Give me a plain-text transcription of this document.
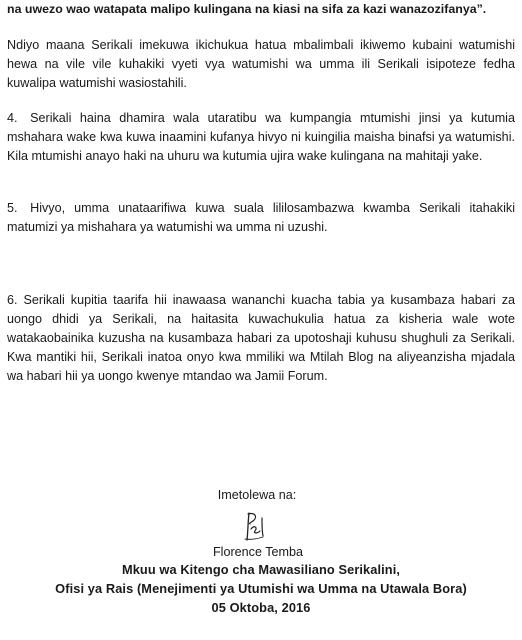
na uwezo wao watapata malipo kulingana na kiasi na sifa za kazi wanazozifanya”.

Ndiyo maana Serikali imekuwa ikichukua hatua mbalimbali ikiwemo kubaini watumishi hewa na vile vile kuhakiki vyeti vya watumishi wa umma ili Serikali isipoteze fedha kuwalipa watumishi wasiostahili.

4. Serikali haina dhamira wala utaratibu wa kumpangia mtumishi jinsi ya kutumia mshahara wake kwa kuwa inaamini kufanya hivyo ni kuingilia maisha binafsi ya watumishi. Kila mtumishi anayo haki na uhuru wa kutumia ujira wake kulingana na mahitaji yake.

5. Hivyo, umma unataarifiwa kuwa suala lililosambazwa kwamba Serikali itahakiki matumizi ya mishahara ya watumishi wa umma ni uzushi.

6. Serikali kupitia taarifa hii inawaasa wananchi kuacha tabia ya kusambaza habari za uongo dhidi ya Serikali, na haitasita kuwachukulia hatua za kisheria wale wote watakaobainika kuzusha na kusambaza habari za upotoshaji kuhusu shughuli za Serikali. Kwa mantiki hii, Serikali inatoa onyo kwa mmiliki wa Mtilah Blog na aliyeanzisha mjadala wa habari hii ya uongo kwenye mtandao wa Jamii Forum.

Imetolewa na:
Florence Temba
Mkuu wa Kitengo cha Mawasiliano Serikalini,
Ofisi ya Rais (Menejimenti ya Utumishi wa Umma na Utawala Bora)
05 Oktoba, 2016
